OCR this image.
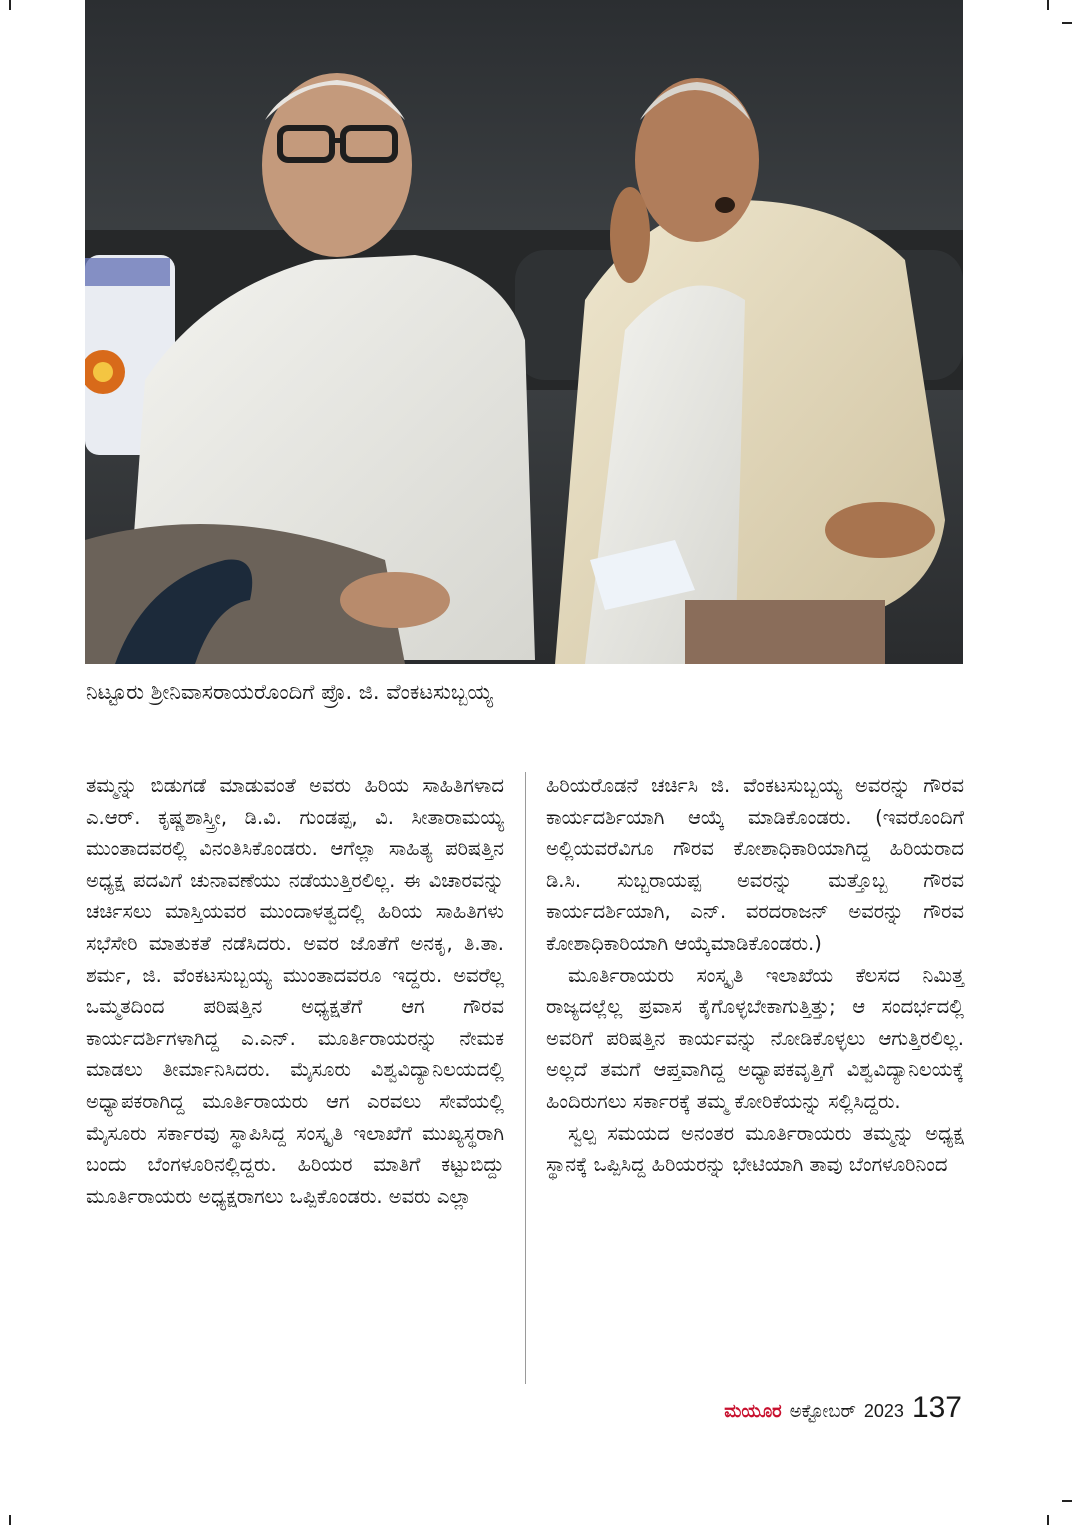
ನಿಟ್ಟೂರು ಶ್ರೀನಿವಾಸರಾಯರೊಂದಿಗೆ ಪ್ರೊ. ಜಿ. ವೆಂಕಟಸುಬ್ಬಯ್ಯ

ತಮ್ಮನ್ನು ಬಿಡುಗಡೆ ಮಾಡುವಂತೆ ಅವರು ಹಿರಿಯ ಸಾಹಿತಿಗಳಾದ ಎ.ಆರ್. ಕೃಷ್ಣಶಾಸ್ತ್ರೀ, ಡಿ.ವಿ. ಗುಂಡಪ್ಪ, ವಿ. ಸೀತಾರಾಮಯ್ಯ ಮುಂತಾದವರಲ್ಲಿ ವಿನಂತಿಸಿಕೊಂಡರು. ಆಗೆಲ್ಲಾ ಸಾಹಿತ್ಯ ಪರಿಷತ್ತಿನ ಅಧ್ಯಕ್ಷ ಪದವಿಗೆ ಚುನಾವಣೆಯು ನಡೆಯುತ್ತಿರಲಿಲ್ಲ. ಈ ವಿಚಾರವನ್ನು ಚರ್ಚಿಸಲು ಮಾಸ್ತಿಯವರ ಮುಂದಾಳತ್ವದಲ್ಲಿ ಹಿರಿಯ ಸಾಹಿತಿಗಳು ಸಭೆಸೇರಿ ಮಾತುಕತೆ ನಡೆಸಿದರು. ಅವರ ಜೊತೆಗೆ ಅನಕೃ, ತಿ.ತಾ. ಶರ್ಮ, ಜಿ. ವೆಂಕಟಸುಬ್ಬಯ್ಯ ಮುಂತಾದವರೂ ಇದ್ದರು. ಅವರೆಲ್ಲ ಒಮ್ಮತದಿಂದ ಪರಿಷತ್ತಿನ ಅಧ್ಯಕ್ಷತೆಗೆ ಆಗ ಗೌರವ ಕಾರ್ಯದರ್ಶಿಗಳಾಗಿದ್ದ ಎ.ಎನ್. ಮೂರ್ತಿರಾಯರನ್ನು ನೇಮಕ ಮಾಡಲು ತೀರ್ಮಾನಿಸಿದರು. ಮೈಸೂರು ವಿಶ್ವವಿದ್ಯಾನಿಲಯದಲ್ಲಿ ಅಧ್ಯಾಪಕರಾಗಿದ್ದ ಮೂರ್ತಿರಾಯರು ಆಗ ಎರವಲು ಸೇವೆಯಲ್ಲಿ ಮೈಸೂರು ಸರ್ಕಾರವು ಸ್ಥಾಪಿಸಿದ್ದ ಸಂಸ್ಕೃತಿ ಇಲಾಖೆಗೆ ಮುಖ್ಯಸ್ಥರಾಗಿ ಬಂದು ಬೆಂಗಳೂರಿನಲ್ಲಿದ್ದರು. ಹಿರಿಯರ ಮಾತಿಗೆ ಕಟ್ಟುಬಿದ್ದು ಮೂರ್ತಿರಾಯರು ಅಧ್ಯಕ್ಷರಾಗಲು ಒಪ್ಪಿಕೊಂಡರು. ಅವರು ಎಲ್ಲಾ

ಹಿರಿಯರೊಡನೆ ಚರ್ಚಿಸಿ ಜಿ. ವೆಂಕಟಸುಬ್ಬಯ್ಯ ಅವರನ್ನು ಗೌರವ ಕಾರ್ಯದರ್ಶಿಯಾಗಿ ಆಯ್ಕೆ ಮಾಡಿಕೊಂಡರು. (ಇವರೊಂದಿಗೆ ಅಲ್ಲಿಯವರೆವಿಗೂ ಗೌರವ ಕೋಶಾಧಿಕಾರಿಯಾಗಿದ್ದ ಹಿರಿಯರಾದ ಡಿ.ಸಿ. ಸುಬ್ಬರಾಯಪ್ಪ ಅವರನ್ನು ಮತ್ತೊಬ್ಬ ಗೌರವ ಕಾರ್ಯದರ್ಶಿಯಾಗಿ, ಎನ್. ವರದರಾಜನ್ ಅವರನ್ನು ಗೌರವ ಕೋಶಾಧಿಕಾರಿಯಾಗಿ ಆಯ್ಕೆಮಾಡಿಕೊಂಡರು.)

ಮೂರ್ತಿರಾಯರು ಸಂಸ್ಕೃತಿ ಇಲಾಖೆಯ ಕೆಲಸದ ನಿಮಿತ್ತ ರಾಜ್ಯದಲ್ಲೆಲ್ಲ ಪ್ರವಾಸ ಕೈಗೊಳ್ಳಬೇಕಾಗುತ್ತಿತ್ತು; ಆ ಸಂದರ್ಭದಲ್ಲಿ ಅವರಿಗೆ ಪರಿಷತ್ತಿನ ಕಾರ್ಯವನ್ನು ನೋಡಿಕೊಳ್ಳಲು ಆಗುತ್ತಿರಲಿಲ್ಲ. ಅಲ್ಲದೆ ತಮಗೆ ಆಪ್ತವಾಗಿದ್ದ ಅಧ್ಯಾಪಕವೃತ್ತಿಗೆ ವಿಶ್ವವಿದ್ಯಾನಿಲಯಕ್ಕೆ ಹಿಂದಿರುಗಲು ಸರ್ಕಾರಕ್ಕೆ ತಮ್ಮ ಕೋರಿಕೆಯನ್ನು ಸಲ್ಲಿಸಿದ್ದರು.

ಸ್ವಲ್ಪ ಸಮಯದ ಅನಂತರ ಮೂರ್ತಿರಾಯರು ತಮ್ಮನ್ನು ಅಧ್ಯಕ್ಷ ಸ್ಥಾನಕ್ಕೆ ಒಪ್ಪಿಸಿದ್ದ ಹಿರಿಯರನ್ನು ಭೇಟಿಯಾಗಿ ತಾವು ಬೆಂಗಳೂರಿನಿಂದ

ಮಯೂರ ಅಕ್ಟೋಬರ್ 2023 137
